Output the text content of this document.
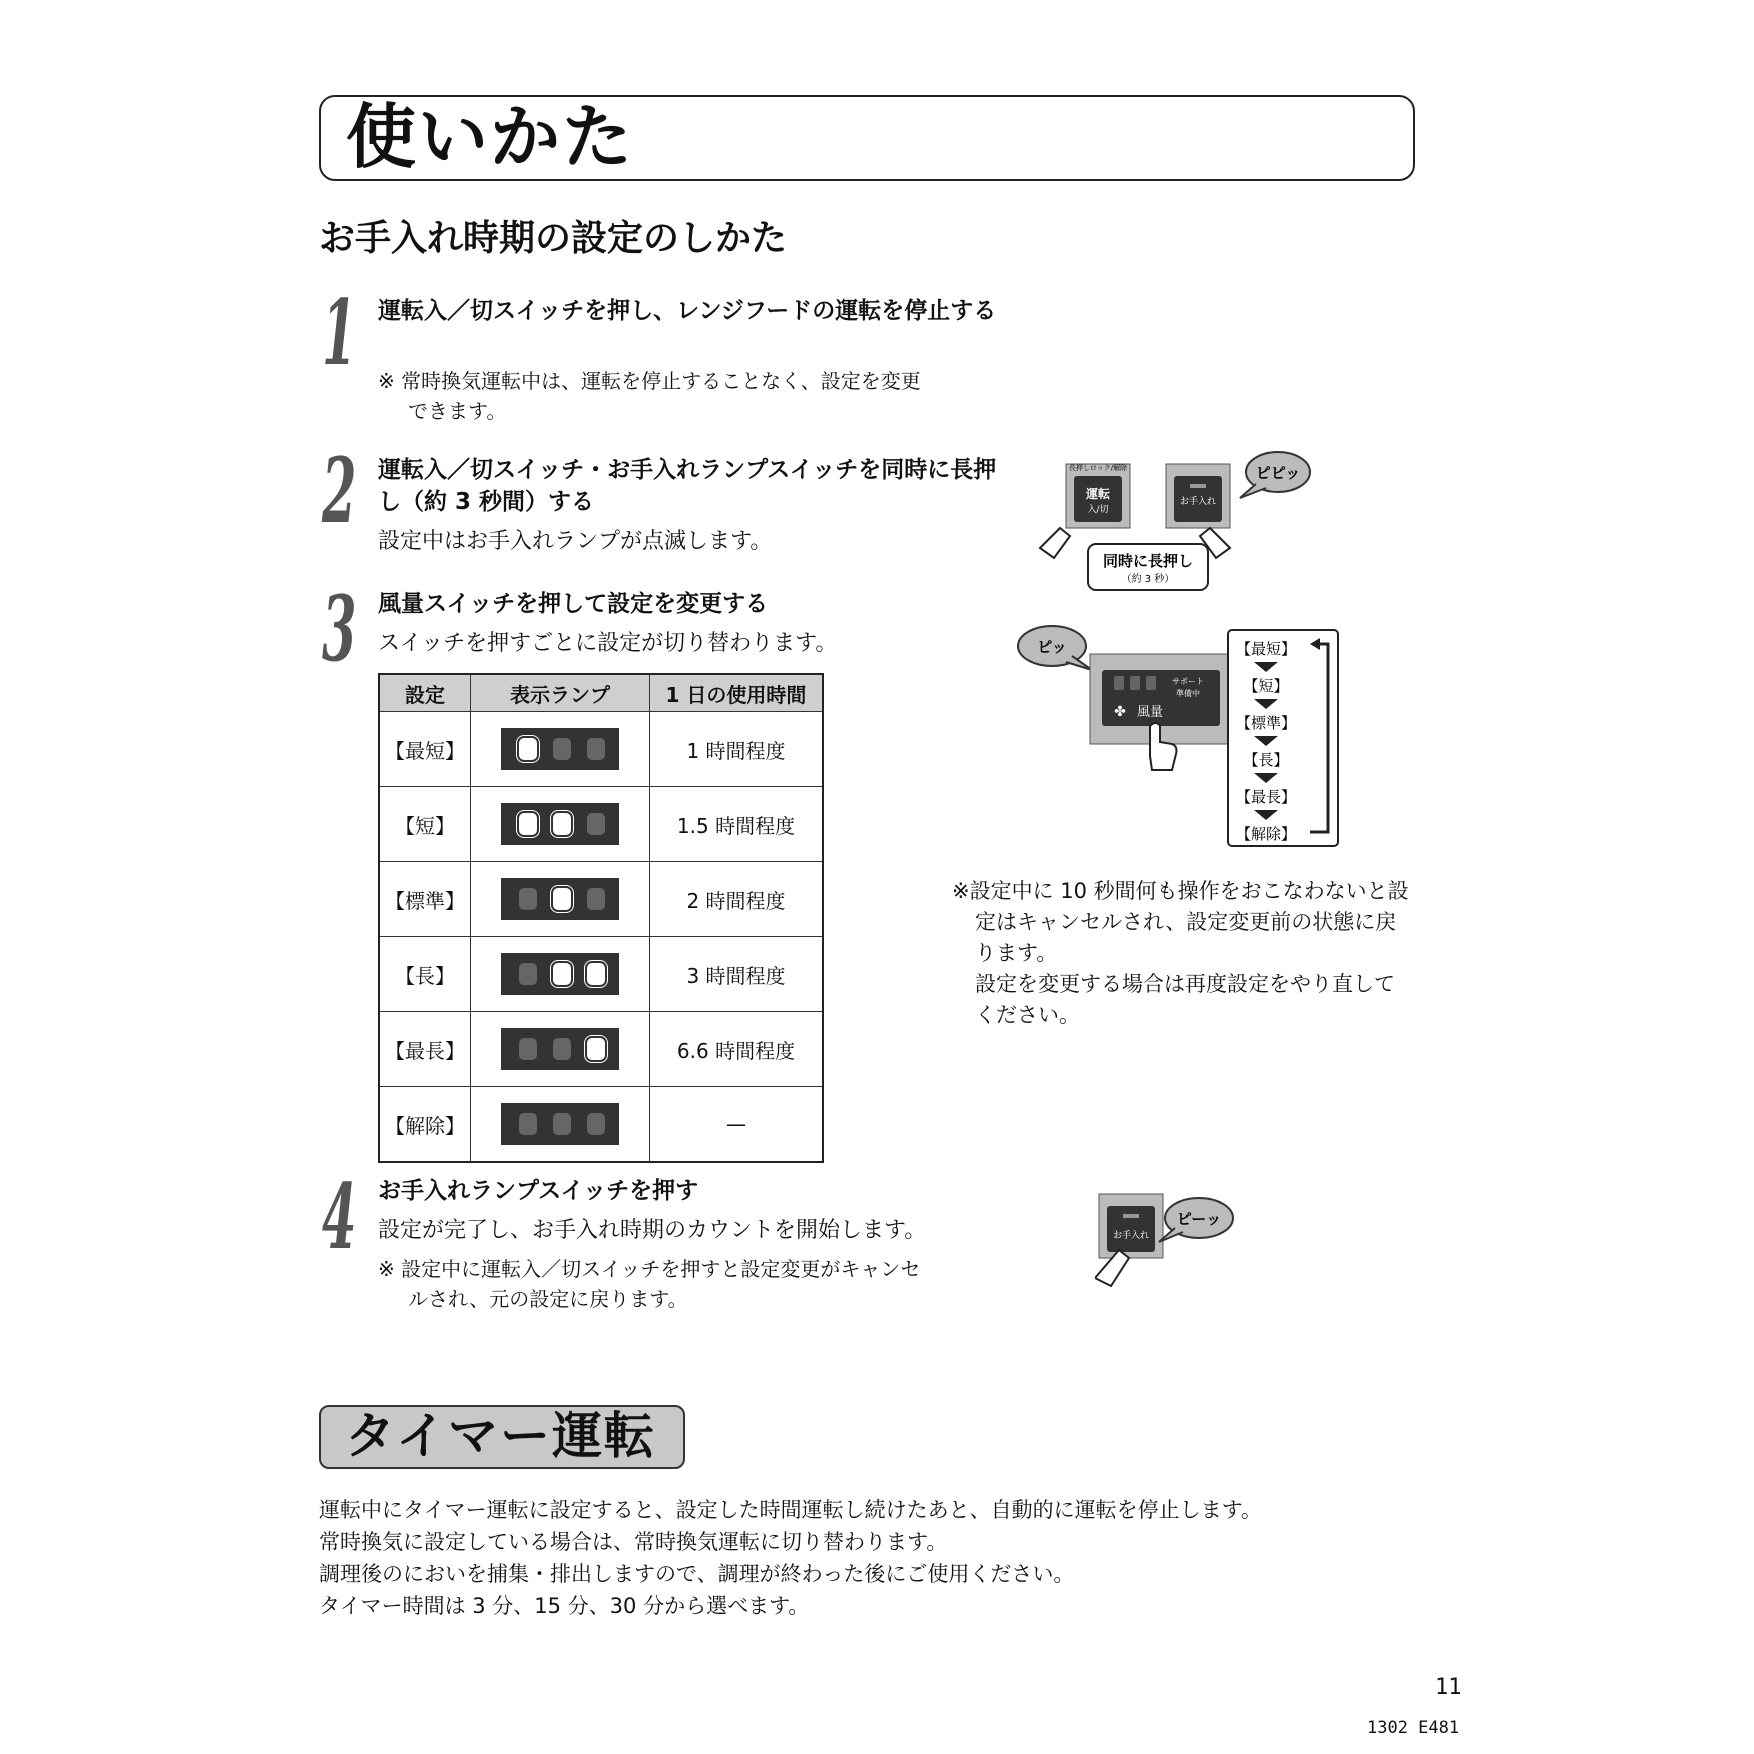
使いかた
お手入れ時期の設定のしかた
1 運転入／切スイッチを押し、レンジフードの運転を停止する
※ 常時換気運転中は、運転を停止することなく、設定を変更できます。
2 運転入／切スイッチ・お手入れランプスイッチを同時に長押し（約 3 秒間）する
設定中はお手入れランプが点滅します。
3 風量スイッチを押して設定を変更する
スイッチを押すごとに設定が切り替わります。
設定	表示ランプ	1 日の使用時間
【最短】		1 時間程度
【短】		1.5 時間程度
【標準】		2 時間程度
【長】		3 時間程度
【最長】		6.6 時間程度
【解除】		—
長押しロック/解除
運転
入/切
お手入れ
ピピッ
同時に長押し
（約 3 秒）
ピッ
サポート
準備中
✤ 風量
【最短】
【短】
【標準】
【長】
【最長】
【解除】
※設定中に 10 秒間何も操作をおこなわないと設定はキャンセルされ、設定変更前の状態に戻ります。
設定を変更する場合は再度設定をやり直してください。
4 お手入れランプスイッチを押す
設定が完了し、お手入れ時期のカウントを開始します。
※ 設定中に運転入／切スイッチを押すと設定変更がキャンセルされ、元の設定に戻ります。
お手入れ
ピーッ
タイマー運転
運転中にタイマー運転に設定すると、設定した時間運転し続けたあと、自動的に運転を停止します。
常時換気に設定している場合は、常時換気運転に切り替わります。
調理後のにおいを捕集・排出しますので、調理が終わった後にご使用ください。
タイマー時間は 3 分、15 分、30 分から選べます。
11
1302 E481
